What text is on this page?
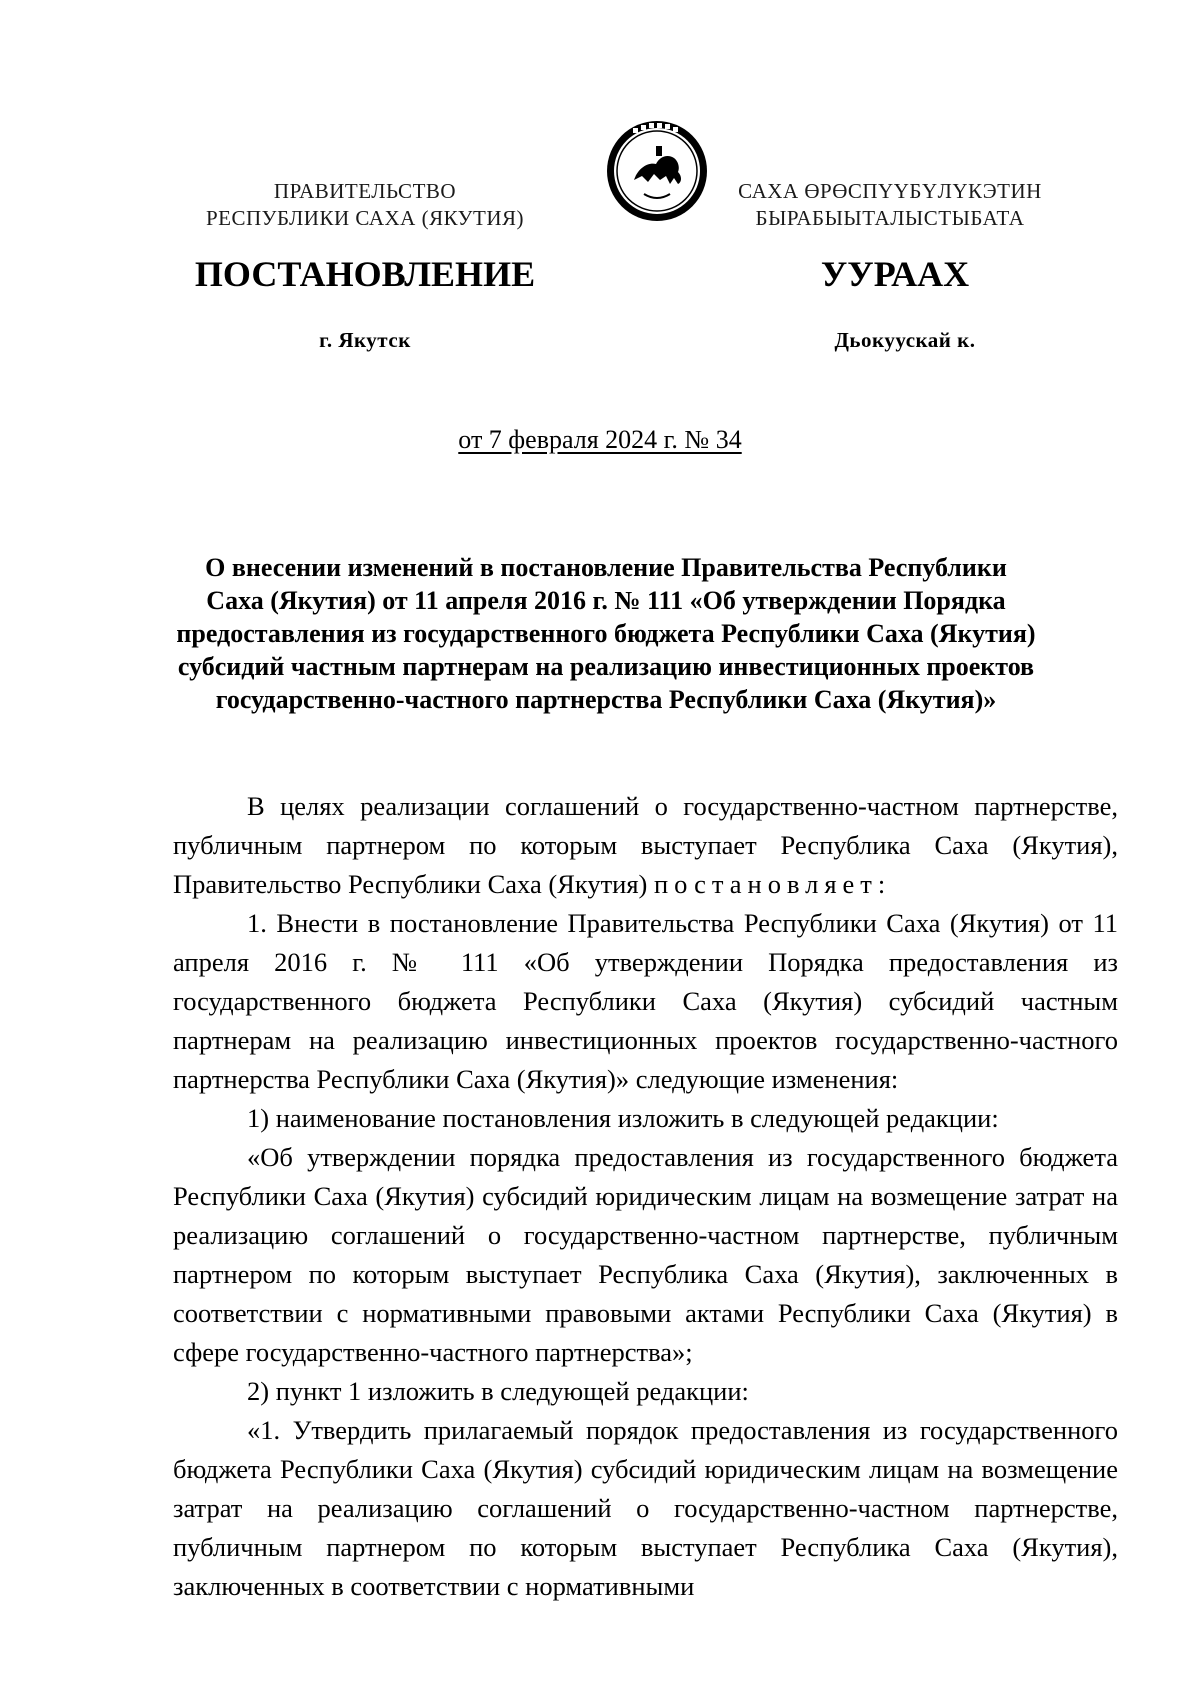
ПРАВИТЕЛЬСТВО
РЕСПУБЛИКИ САХА (ЯКУТИЯ)
САХА ӨРӨСПҮҮБҮЛҮКЭТИН
БЫРАБЫЫТАЛЫСТЫБАТА
ПОСТАНОВЛЕНИЕ	УУРААХ
г. Якутск	Дьокуускай к.
от 7 февраля 2024 г. № 34
О внесении изменений в постановление Правительства Республики
Саха (Якутия) от 11 апреля 2016 г. № 111 «Об утверждении Порядка
предоставления из государственного бюджета Республики Саха (Якутия)
субсидий частным партнерам на реализацию инвестиционных проектов
государственно-частного партнерства Республики Саха (Якутия)»

В целях реализации соглашений о государственно-частном партнерстве, публичным партнером по которым выступает Республика Саха (Якутия), Правительство Республики Саха (Якутия) постановляет:

1. Внести в постановление Правительства Республики Саха (Якутия) от 11 апреля 2016 г. № 111 «Об утверждении Порядка предоставления из государственного бюджета Республики Саха (Якутия) субсидий частным партнерам на реализацию инвестиционных проектов государственно-частного партнерства Республики Саха (Якутия)» следующие изменения:

1) наименование постановления изложить в следующей редакции:

«Об утверждении порядка предоставления из государственного бюджета Республики Саха (Якутия) субсидий юридическим лицам на возмещение затрат на реализацию соглашений о государственно-частном партнерстве, публичным партнером по которым выступает Республика Саха (Якутия), заключенных в соответствии с нормативными правовыми актами Республики Саха (Якутия) в сфере государственно-частного партнерства»;

2) пункт 1 изложить в следующей редакции:

«1. Утвердить прилагаемый порядок предоставления из государственного бюджета Республики Саха (Якутия) субсидий юридическим лицам на возмещение затрат на реализацию соглашений о государственно-частном партнерстве, публичным партнером по которым выступает Республика Саха (Якутия), заключенных в соответствии с нормативными
